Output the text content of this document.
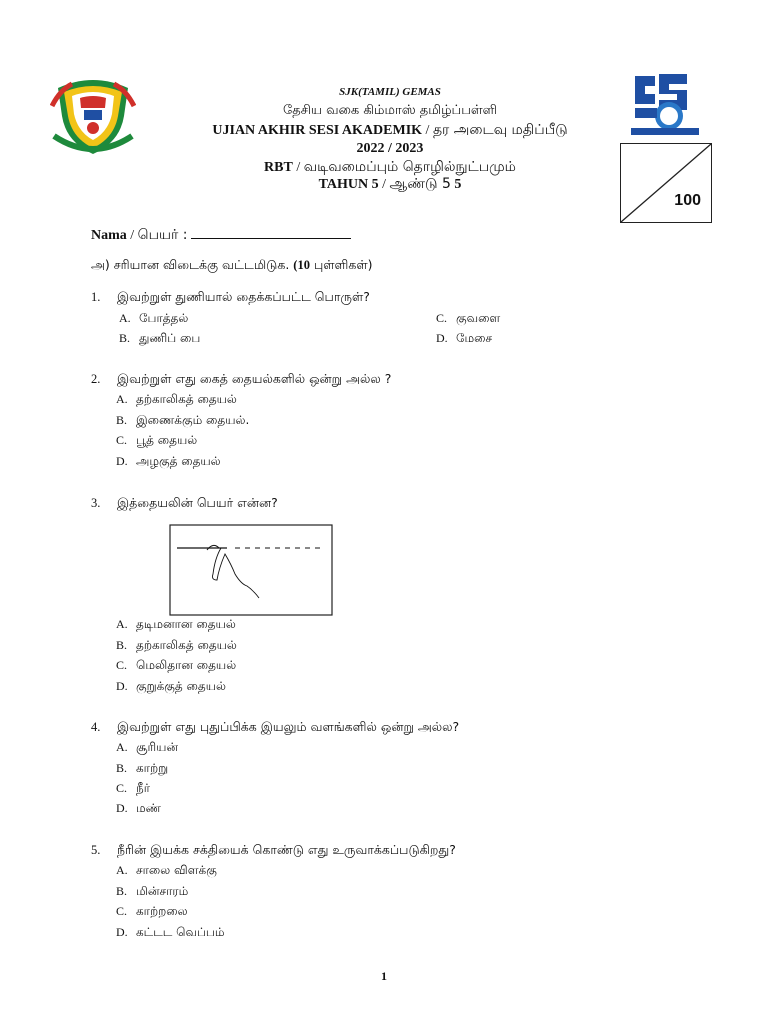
100
SJK(TAMIL) GEMAS
தேசிய வகை கிம்மாஸ் தமிழ்ப்பள்ளி
UJIAN AKHIR SESI AKADEMIK / தர அடைவு மதிப்பீடு
2022 / 2023
RBT / வடிவமைப்பும் தொழில்நுட்பமும்
TAHUN 5 / ஆண்டு 5 5
Nama / பெயர் :
அ) சரியான விடைக்கு வட்டமிடுக. (10 புள்ளிகள்)
1. இவற்றுள் துணியால் தைக்கப்பட்ட பொருள்?
A. போத்தல்
B. துணிப் பை
C. குவளை
D. மேசை
2. இவற்றுள் எது கைத் தையல்களில் ஒன்று அல்ல ?
A. தற்காலிகத் தையல்
B. இணைக்கும் தையல்.
C. பூத் தையல்
D. அழகுத் தையல்
3. இத்தையலின் பெயர் என்ன?
A. தடிமனான தையல்
B. தற்காலிகத் தையல்
C. மெலிதான தையல்
D. குறுக்குத் தையல்
4. இவற்றுள் எது புதுப்பிக்க இயலும் வளங்களில் ஒன்று அல்ல?
A. சூரியன்
B. காற்று
C. நீர்
D. மண்
5. நீரின் இயக்க சக்தியைக் கொண்டு எது உருவாக்கப்படுகிறது?
A. சாலை விளக்கு
B. மின்சாரம்
C. காற்றலை
D. கட்டட வெப்பம்
1
